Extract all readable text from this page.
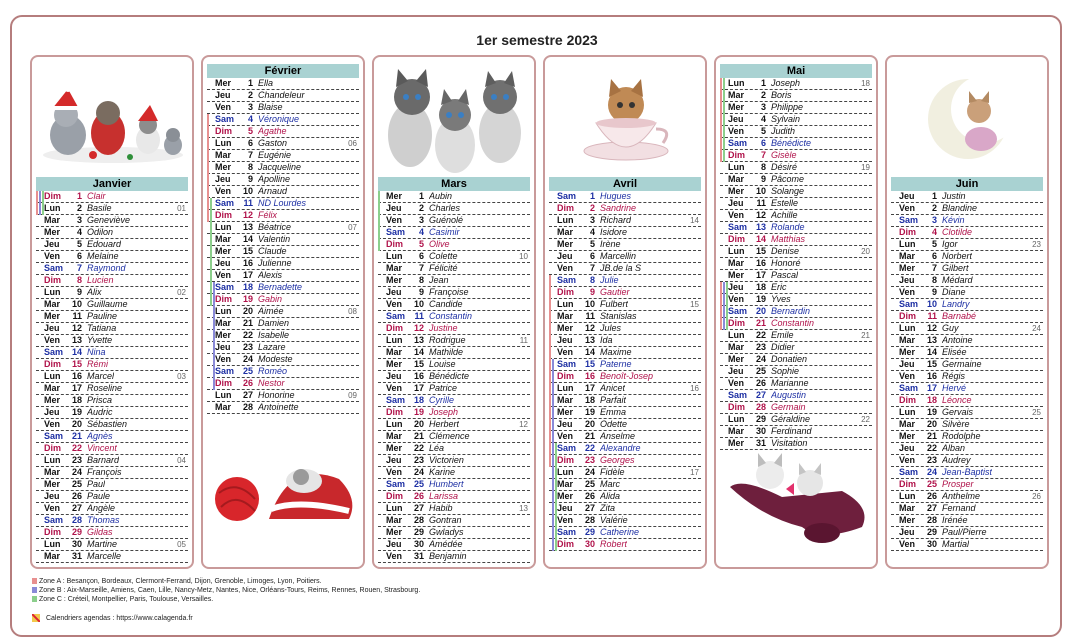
1er semestre 2023
Janvier
Dim	1 Clair
Lun	2 Basile	01
Mar	3 Geneviève
Mer	4 Odilon
Jeu	5 Edouard
Ven	6 Melaine
Sam	7 Raymond
Dim	8 Lucien
Lun	9 Alix	02
Mar	10 Guillaume
Mer	11 Pauline
Jeu	12 Tatiana
Ven	13 Yvette
Sam 14 Nina
Dim	15 Rémi
Lun	16 Marcel	03
Mar	17 Roseline
Mer	18 Prisca
Jeu	19 Audric
Ven	20 Sébastien
Sam 21 Agnès
Dim	22 Vincent
Lun	23 Barnard	04
Mar	24 François
Mer	25 Paul
Jeu	26 Paule
Ven	27 Angèle
Sam 28 Thomas
Dim	29 Gildas
Lun	30 Martine	05
Mar	31 Marcelle
Février
Mer	1 Ella
Jeu	2 Chandeleur
Ven	3 Blaise
Sam	4 Véronique
Dim	5 Agathe
Lun	6 Gaston	06
Mar	7 Eugénie
Mer	8 Jacqueline
Jeu	9 Apolline
Ven	10 Arnaud
Sam	11 ND Lourdes
Dim	12 Félix
Lun	13 Béatrice	07
Mar	14 Valentin
Mer	15 Claude
Jeu	16 Julienne
Ven	17 Alexis
Sam 18 Bernadette
Dim	19 Gabin
Lun	20 Aimée	08
Mar	21 Damien
Mer	22 Isabelle
Jeu	23 Lazare
Ven	24 Modeste
Sam 25 Roméo
Dim	26 Nestor
Lun	27 Honorine	09
Mar	28 Antoinette
Mars
Mer	1 Aubin
Jeu	2 Charles
Ven	3 Guénolé
Sam	4 Casimir
Dim	5 Olive
Lun	6 Colette	10
Mar	7 Félicité
Mer	8 Jean
Jeu	9 Françoise
Ven	10 Candide
Sam	11 Constantin
Dim	12 Justine
Lun	13 Rodrigue	11
Mar	14 Mathilde
Mer	15 Louise
Jeu	16 Bénédicte
Ven	17 Patrice
Sam 18 Cyrille
Dim	19 Joseph
Lun	20 Herbert	12
Mar	21 Clémence
Mer	22 Léa
Jeu	23 Victorien
Ven	24 Karine
Sam 25 Humbert
Dim	26 Larissa
Lun	27 Habib	13
Mar	28 Gontran
Mer	29 Gwladys
Jeu	30 Amédée
Ven	31 Benjamin
Avril
Sam	1 Hugues
Dim	2 Sandrine
Lun	3 Richard	14
Mar	4 Isidore
Mer	5 Irène
Jeu	6 Marcellin
Ven	7 JB.de la S
Sam	8 Julie
Dim	9 Gautier
Lun	10 Fulbert	15
Mar	11 Stanislas
Mer	12 Jules
Jeu	13 Ida
Ven	14 Maxime
Sam 15 Paterne
Dim	16 Benoît-Josep
Lun	17 Anicet	16
Mar	18 Parfait
Mer	19 Emma
Jeu	20 Odette
Ven	21 Anselme
Sam 22 Alexandre
Dim	23 Georges
Lun	24 Fidèle	17
Mar	25 Marc
Mer	26 Alida
Jeu	27 Zita
Ven	28 Valérie
Sam 29 Catherine
Dim	30 Robert
Mai
Lun	1 Joseph	18
Mar	2 Boris
Mer	3 Philippe
Jeu	4 Sylvain
Ven	5 Judith
Sam	6 Bénédicte
Dim	7 Gisèle
Lun	8 Désiré	19
Mar	9 Pâcome
Mer	10 Solange
Jeu	11 Estelle
Ven	12 Achille
Sam 13 Rolande
Dim	14 Matthias
Lun	15 Denise	20
Mar	16 Honoré
Mer	17 Pascal
Jeu	18 Eric
Ven	19 Yves
Sam 20 Bernardin
Dim	21 Constantin
Lun	22 Emile	21
Mar	23 Didier
Mer	24 Donatien
Jeu	25 Sophie
Ven	26 Marianne
Sam 27 Augustin
Dim	28 Germain
Lun	29 Géraldine	22
Mar	30 Ferdinand
Mer	31 Visitation
Juin
Jeu	1 Justin
Ven	2 Blandine
Sam	3 Kévin
Dim	4 Clotilde
Lun	5 Igor	23
Mar	6 Norbert
Mer	7 Gilbert
Jeu	8 Médard
Ven	9 Diane
Sam 10 Landry
Dim	11 Barnabé
Lun	12 Guy	24
Mar	13 Antoine
Mer	14 Elisée
Jeu	15 Germaine
Ven	16 Régis
Sam 17 Hervé
Dim	18 Léonce
Lun	19 Gervais	25
Mar	20 Silvère
Mer	21 Rodolphe
Jeu	22 Alban
Ven	23 Audrey
Sam 24 Jean-Baptist
Dim	25 Prosper
Lun	26 Anthelme	26
Mar	27 Fernand
Mer	28 Irénée
Jeu	29 Paul/Pierre
Ven	30 Martial
Zone A : Besançon, Bordeaux, Clermont-Ferrand, Dijon, Grenoble, Limoges, Lyon, Poitiers.
Zone B : Aix-Marseille, Amiens, Caen, Lille, Nancy-Metz, Nantes, Nice, Orléans-Tours, Reims, Rennes, Rouen, Strasbourg.
Zone C : Créteil, Montpellier, Paris, Toulouse, Versailles.
Calendriers agendas : https://www.calagenda.fr
